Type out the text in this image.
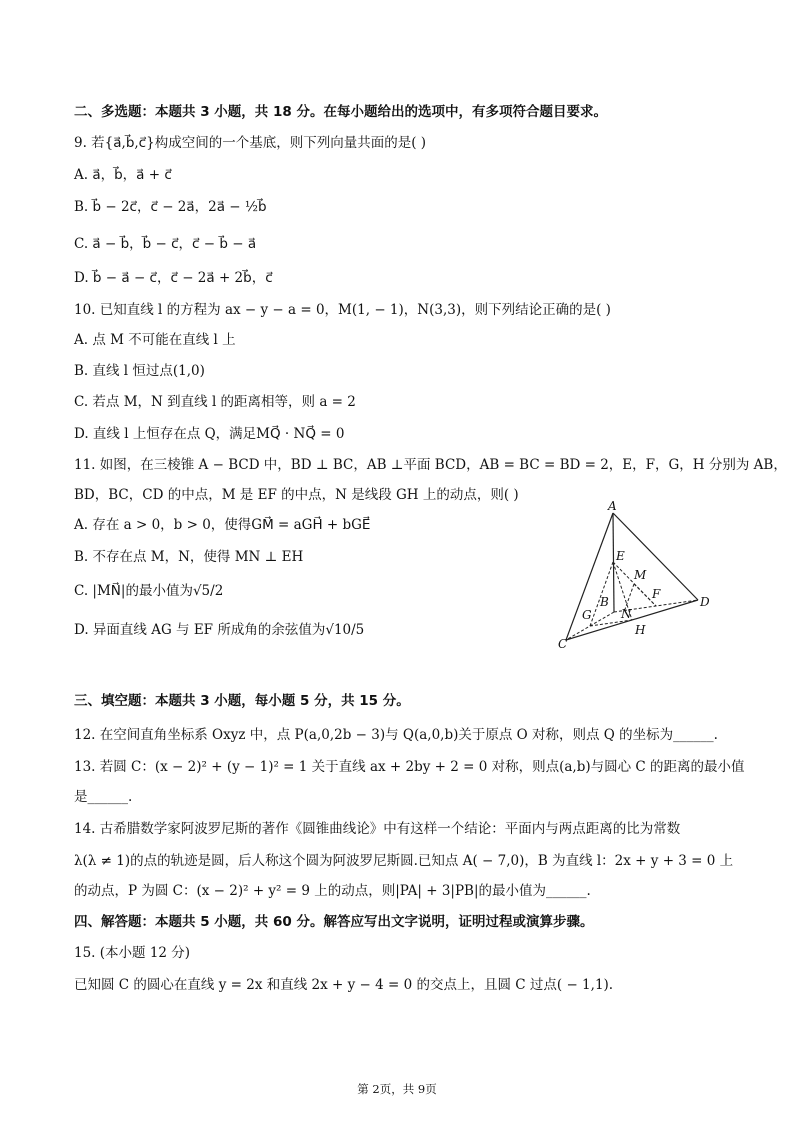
二、多选题：本题共 3 小题，共 18 分。在每小题给出的选项中，有多项符合题目要求。
9. 若{a⃗,b⃗,c⃗}构成空间的一个基底，则下列向量共面的是( )
A. a⃗，b⃗，a⃗ + c⃗
B. b⃗ − 2c⃗，c⃗ − 2a⃗，2a⃗ − ½b⃗
C. a⃗ − b⃗，b⃗ − c⃗，c⃗ − b⃗ − a⃗
D. b⃗ − a⃗ − c⃗，c⃗ − 2a⃗ + 2b⃗，c⃗
10. 已知直线 l 的方程为 ax − y − a = 0，M(1, − 1)，N(3,3)，则下列结论正确的是( )
A. 点 M 不可能在直线 l 上
B. 直线 l 恒过点(1,0)
C. 若点 M，N 到直线 l 的距离相等，则 a = 2
D. 直线 l 上恒存在点 Q，满足MQ⃗ · NQ⃗ = 0
11. 如图，在三棱锥 A − BCD 中，BD ⊥ BC，AB ⊥平面 BCD，AB = BC = BD = 2，E，F，G，H 分别为 AB，
BD，BC，CD 的中点，M 是 EF 的中点，N 是线段 GH 上的动点，则( )
A. 存在 a > 0，b > 0，使得GM⃗ = aGH⃗ + bGE⃗
B. 不存在点 M，N，使得 MN ⊥ EH
C. |MN⃗|的最小值为√5/2
D. 异面直线 AG 与 EF 所成角的余弦值为√10/5
三、填空题：本题共 3 小题，每小题 5 分，共 15 分。
12. 在空间直角坐标系 Oxyz 中，点 P(a,0,2b − 3)与 Q(a,0,b)关于原点 O 对称，则点 Q 的坐标为______.
13. 若圆 C：(x − 2)² + (y − 1)² = 1 关于直线 ax + 2by + 2 = 0 对称，则点(a,b)与圆心 C 的距离的最小值
是______.
14. 古希腊数学家阿波罗尼斯的著作《圆锥曲线论》中有这样一个结论：平面内与两点距离的比为常数
λ(λ ≠ 1)的点的轨迹是圆，后人称这个圆为阿波罗尼斯圆.已知点 A( − 7,0)，B 为直线 l：2x + y + 3 = 0 上
的动点，P 为圆 C：(x − 2)² + y² = 9 上的动点，则|PA| + 3|PB|的最小值为______.
四、解答题：本题共 5 小题，共 60 分。解答应写出文字说明，证明过程或演算步骤。
15. (本小题 12 分)
已知圆 C 的圆心在直线 y = 2x 和直线 2x + y − 4 = 0 的交点上，且圆 C 过点( − 1,1).
A
E
M
F
B	D
G N
H
C
第 2页，共 9页
